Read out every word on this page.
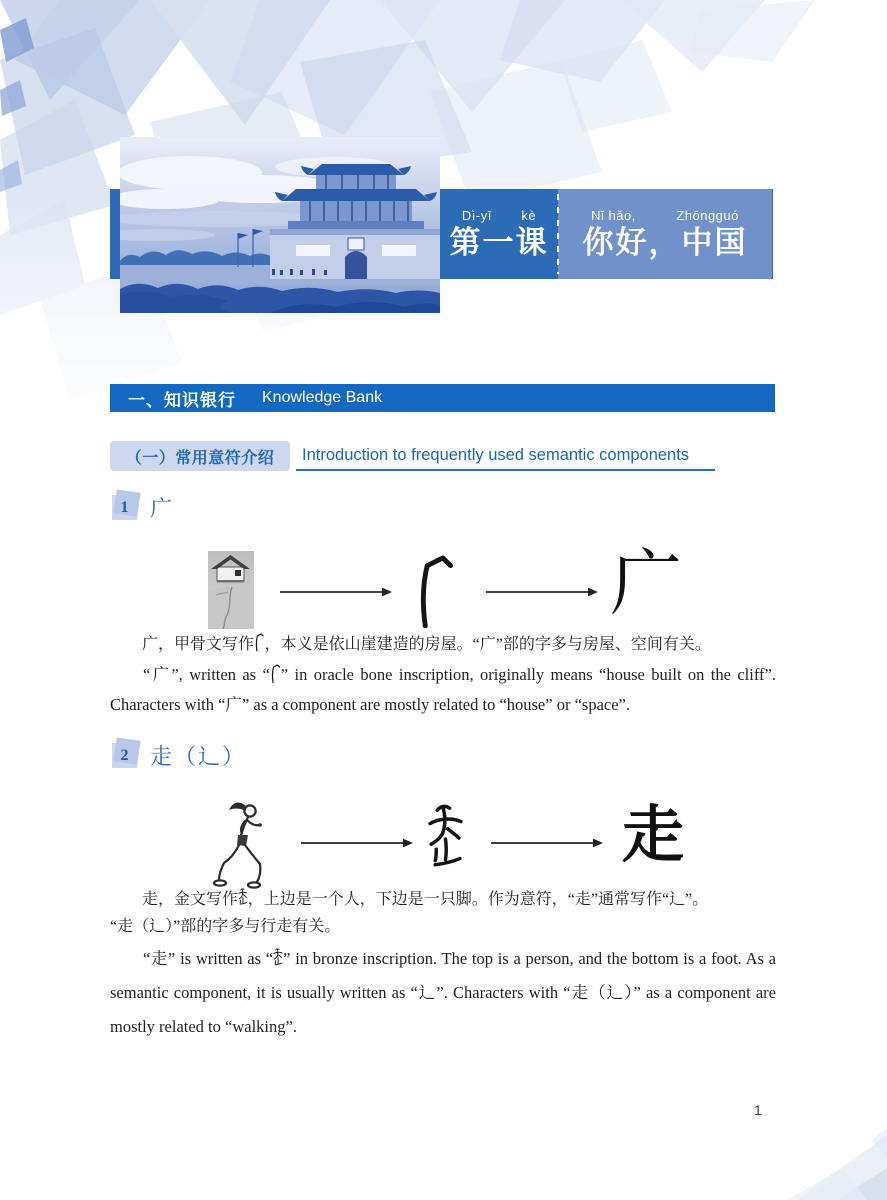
Dì-yī kè
第一课
Nǐ hǎo,	Zhōngguó
你好，中国
一、知识银行 Knowledge Bank
（一）常用意符介绍	Introduction to frequently used semantic components
1 广
广

广，甲骨文写作 ，本义是依山崖建造的房屋。“广”部的字多与房屋、空间有关。

“广”, written as “ ” in oracle bone inscription, originally means “house built on the cliff”. Characters with “广” as a component are mostly related to “house” or “space”.

2 走（辶）
走

走，金文写作 ，上边是一个人，下边是一只脚。作为意符，“走”通常写作“辶”。
“走（辶）”部的字多与行走有关。

“走” is written as “ ” in bronze inscription. The top is a person, and the bottom is a foot. As a semantic component, it is usually written as “辶”. Characters with “走（辶）” as a component are mostly related to “walking”.

1
